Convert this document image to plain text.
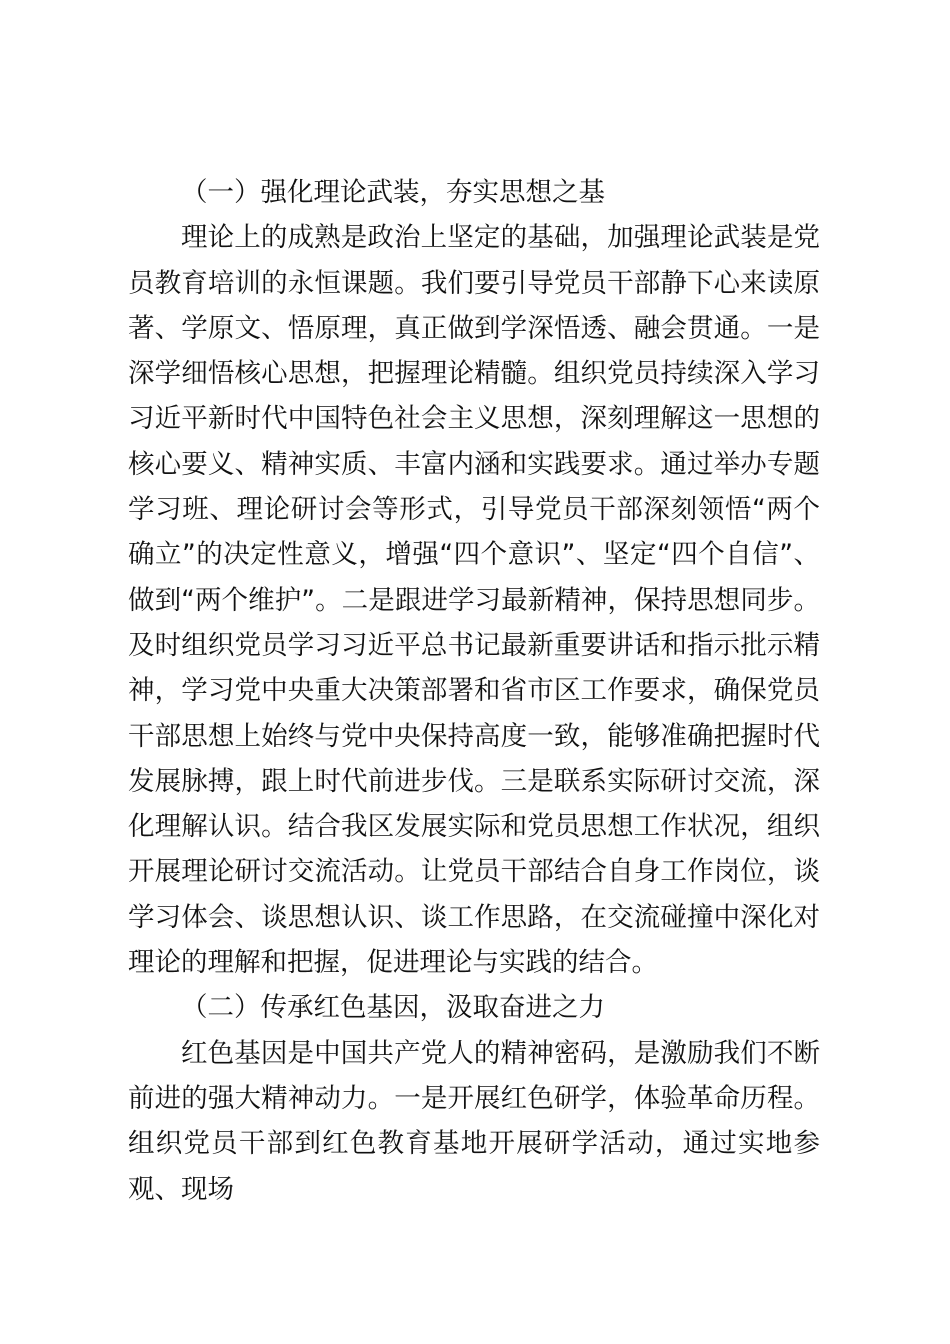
（一）强化理论武装，夯实思想之基

理论上的成熟是政治上坚定的基础，加强理论武装是党员教育培训的永恒课题。我们要引导党员干部静下心来读原著、学原文、悟原理，真正做到学深悟透、融会贯通。一是深学细悟核心思想，把握理论精髓。组织党员持续深入学习习近平新时代中国特色社会主义思想，深刻理解这一思想的核心要义、精神实质、丰富内涵和实践要求。通过举办专题学习班、理论研讨会等形式，引导党员干部深刻领悟“两个确立”的决定性意义，增强“四个意识”、坚定“四个自信”、做到“两个维护”。二是跟进学习最新精神，保持思想同步。及时组织党员学习习近平总书记最新重要讲话和指示批示精神，学习党中央重大决策部署和省市区工作要求，确保党员干部思想上始终与党中央保持高度一致，能够准确把握时代发展脉搏，跟上时代前进步伐。三是联系实际研讨交流，深化理解认识。结合我区发展实际和党员思想工作状况，组织开展理论研讨交流活动。让党员干部结合自身工作岗位，谈学习体会、谈思想认识、谈工作思路，在交流碰撞中深化对理论的理解和把握，促进理论与实践的结合。

（二）传承红色基因，汲取奋进之力

红色基因是中国共产党人的精神密码，是激励我们不断前进的强大精神动力。一是开展红色研学，体验革命历程。组织党员干部到红色教育基地开展研学活动，通过实地参观、现场
